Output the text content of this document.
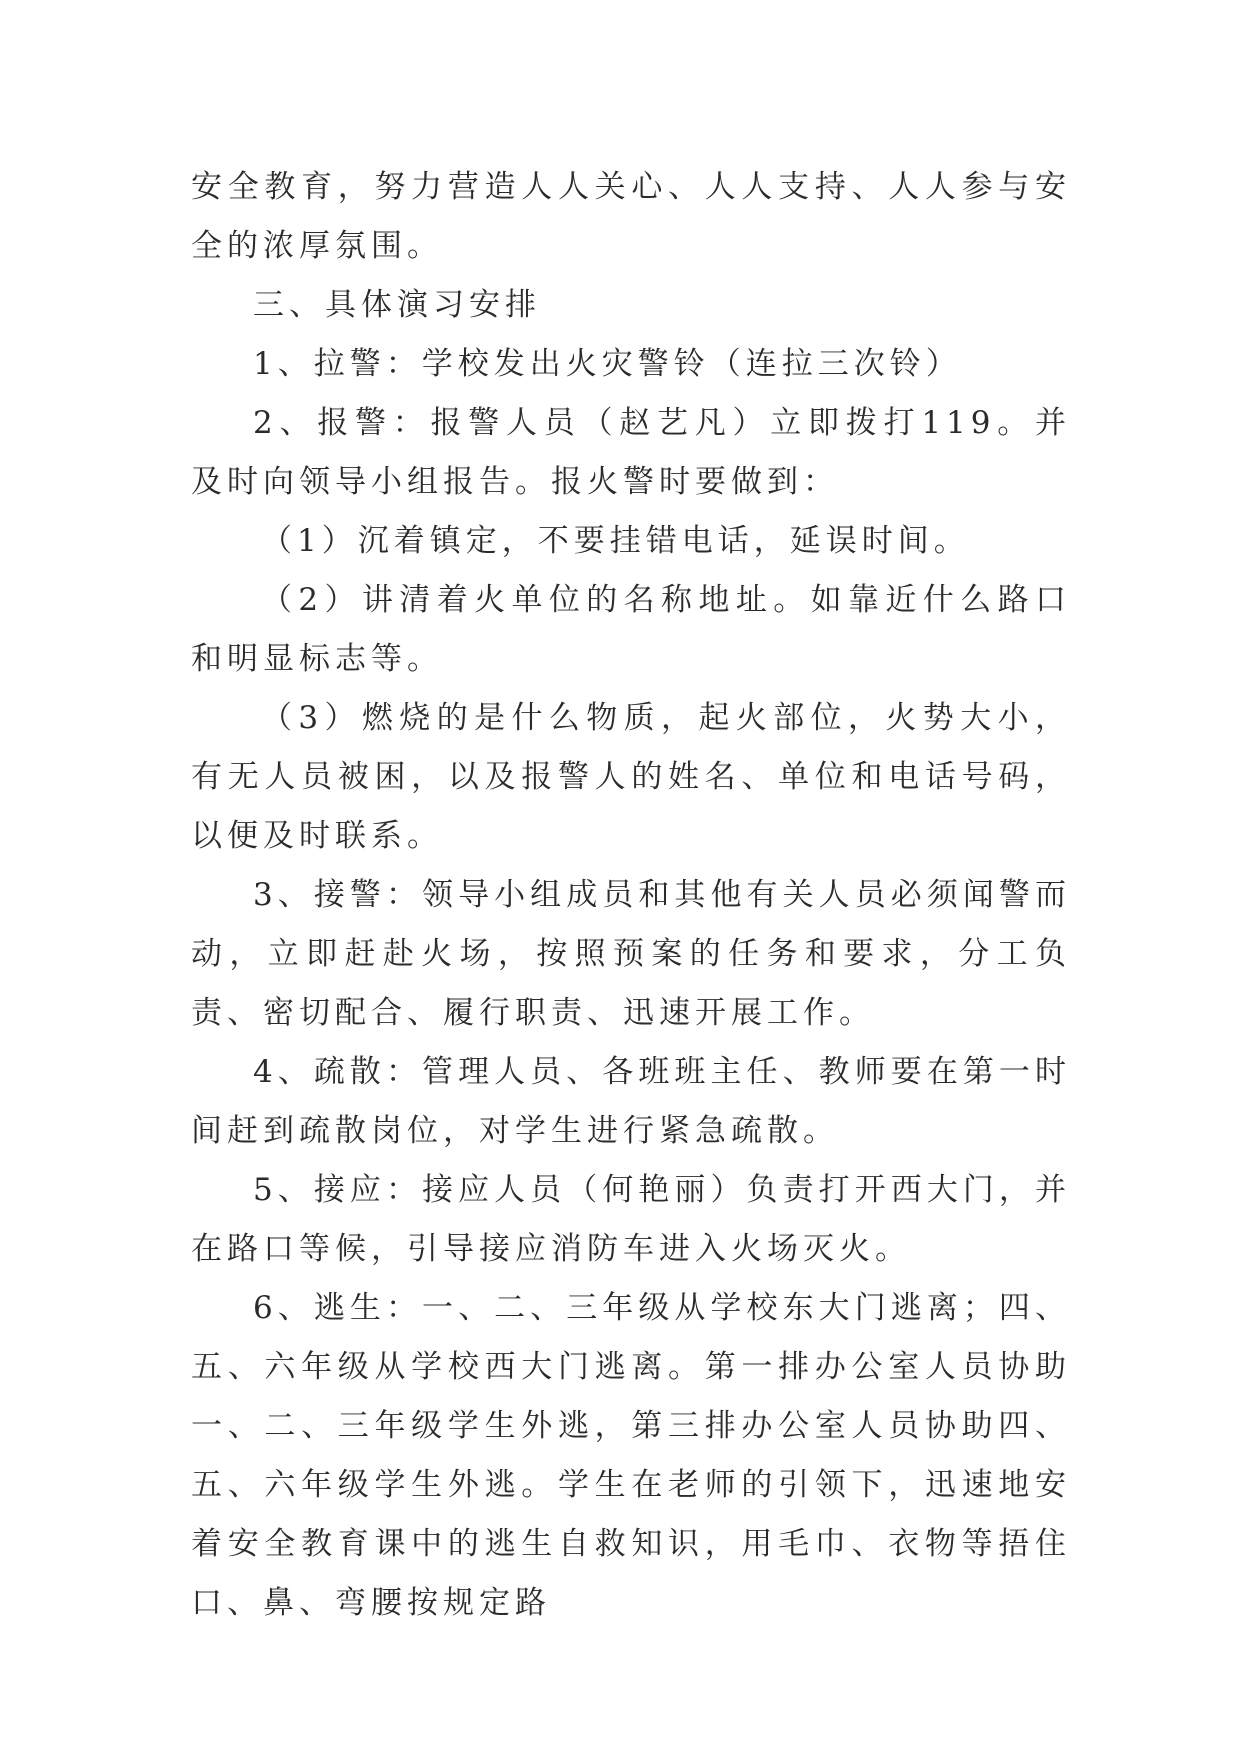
安全教育，努力营造人人关心、人人支持、人人参与安全的浓厚氛围。

三、具体演习安排

1、拉警：学校发出火灾警铃（连拉三次铃）

2、报警：报警人员（赵艺凡）立即拨打119。并及时向领导小组报告。报火警时要做到：

（1）沉着镇定，不要挂错电话，延误时间。

（2）讲清着火单位的名称地址。如靠近什么路口和明显标志等。

（3）燃烧的是什么物质，起火部位，火势大小，有无人员被困，以及报警人的姓名、单位和电话号码，以便及时联系。

3、接警：领导小组成员和其他有关人员必须闻警而动，立即赶赴火场，按照预案的任务和要求，分工负责、密切配合、履行职责、迅速开展工作。

4、疏散：管理人员、各班班主任、教师要在第一时间赶到疏散岗位，对学生进行紧急疏散。

5、接应：接应人员（何艳丽）负责打开西大门，并在路口等候，引导接应消防车进入火场灭火。

6、逃生：一、二、三年级从学校东大门逃离；四、五、六年级从学校西大门逃离。第一排办公室人员协助一、二、三年级学生外逃，第三排办公室人员协助四、五、六年级学生外逃。学生在老师的引领下，迅速地安着安全教育课中的逃生自救知识，用毛巾、衣物等捂住口、鼻、弯腰按规定路
